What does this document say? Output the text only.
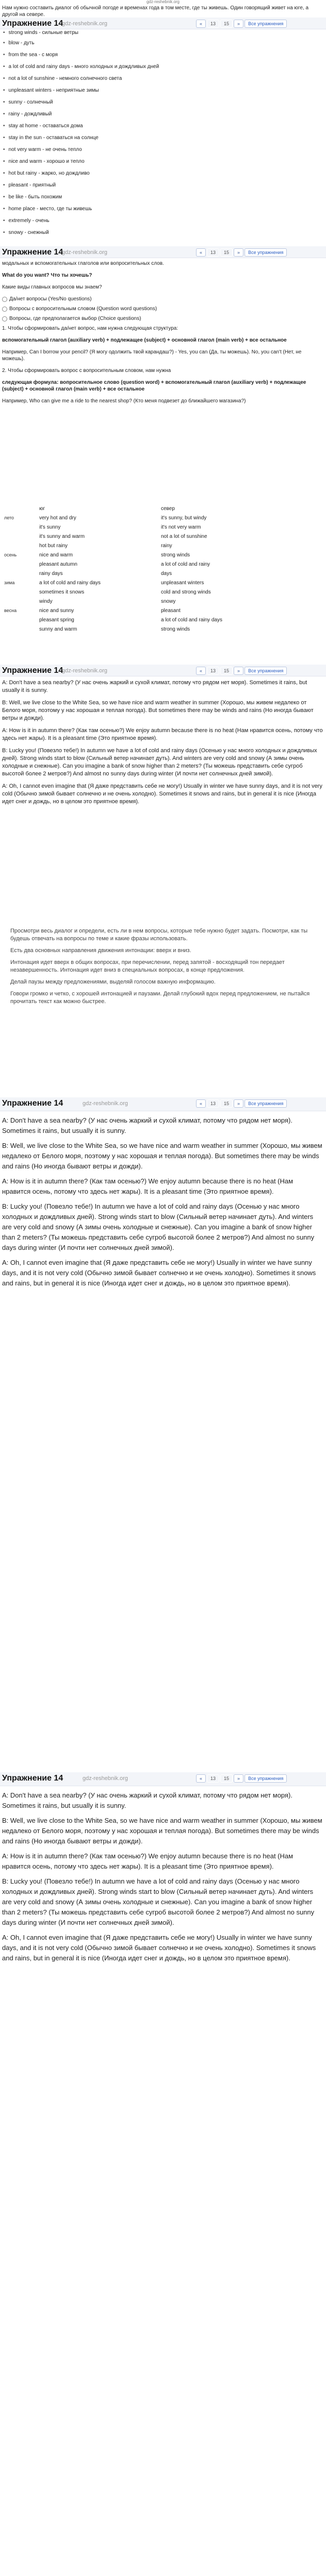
gdz-reshebnik.org
Нам нужно составить диалог об обычной погоде и временах года в том месте, где ты живешь. Один говорящий живет на юге, а другой на севере.
Упражнение 14
gdz-reshebnik.org	«	13	15	»	Все упражнения
• strong winds - сильные ветры
• blow - дуть
• from the sea - с моря
• a lot of cold and rainy days - много холодных и дождливых дней
• not a lot of sunshine - немного солнечного света
• unpleasant winters - неприятные зимы
• sunny - солнечный
• rainy - дождливый
• stay at home - оставаться дома
• stay in the sun - оставаться на солнце
• not very warm - не очень тепло
• nice and warm - хорошо и тепло
• hot but rainy - жарко, но дождливо
• pleasant - приятный
• be like - быть похожим
• home place - место, где ты живешь
• extremely - очень
• snowy - снежный
Упражнение 14
gdz-reshebnik.org	«	13	15	»	Все упражнения

модальных и вспомогательных глаголов или вопросительных слов.

What do you want? Что ты хочешь?

Какие виды главных вопросов мы знаем?

Да/нет вопросы (Yes/No questions)
Вопросы с вопросительным словом (Question word questions)
Вопросы, где предполагается выбор (Choice questions)

1. Чтобы сформировать да/нет вопрос, нам нужна следующая структура:

вспомогательный глагол (auxiliary verb) + подлежащее (subject) + основной глагол (main verb) + все остальное

Например, Can I borrow your pencil? (Я могу одолжить твой карандаш?) - Yes, you can (Да, ты можешь). No, you can't (Нет, не можешь).

2. Чтобы сформировать вопрос с вопросительным словом, нам нужна

следующая формула: вопросительное слово (question word) + вспомогательный глагол (auxiliary verb) + подлежащее (subject) + основной глагол (main verb) + все остальное

Например, Who can give me a ride to the nearest shop? (Кто меня подвезет до ближайшего магазина?)

	юг	север
лето	very hot and dry	it's sunny, but windy
	it's sunny	it's not very warm
	it's sunny and warm	not a lot of sunshine
	hot but rainy	rainy
осень	nice and warm	strong winds
	pleasant autumn	a lot of cold and rainy
	rainy days	days
зима	a lot of cold and rainy days	unpleasant winters
	sometimes it snows	cold and strong winds
	windy	snowy
весна	nice and sunny	pleasant
	pleasant spring	a lot of cold and rainy days
	sunny and warm	strong winds
Упражнение 14
gdz-reshebnik.org	«	13	15	»	Все упражнения

A: Don't have a sea nearby? (У нас очень жаркий и сухой климат, потому что рядом нет моря). Sometimes it rains, but usually it is sunny.

B: Well, we live close to the White Sea, so we have nice and warm weather in summer (Хорошо, мы живем недалеко от Белого моря, поэтому у нас хорошая и теплая погода). But sometimes there may be winds and rains (Но иногда бывают ветры и дожди).

A: How is it in autumn there? (Как там осенью?) We enjoy autumn because there is no heat (Нам нравится осень, потому что здесь нет жары). It is a pleasant time (Это приятное время).

B: Lucky you! (Повезло тебе!) In autumn we have a lot of cold and rainy days (Осенью у нас много холодных и дождливых дней). Strong winds start to blow (Сильный ветер начинает дуть). And winters are very cold and snowy (А зимы очень холодные и снежные). Can you imagine a bank of snow higher than 2 meters? (Ты можешь представить себе сугроб высотой более 2 метров?) And almost no sunny days during winter (И почти нет солнечных дней зимой).

A: Oh, I cannot even imagine that (Я даже представить себе не могу!) Usually in winter we have sunny days, and it is not very cold (Обычно зимой бывает солнечно и не очень холодно). Sometimes it snows and rains, but in general it is nice (Иногда идет снег и дождь, но в целом это приятное время).

Просмотри весь диалог и определи, есть ли в нем вопросы, которые тебе нужно будет задать. Посмотри, как ты будешь отвечать на вопросы по теме и какие фразы использовать.

Есть два основных направления движения интонации: вверх и вниз.

Интонация идет вверх в общих вопросах, при перечислении, перед запятой - восходящий тон передает незавершенность. Интонация идет вниз в специальных вопросах, в конце предложения.

Делай паузы между предложениями, выделяй голосом важную информацию.

Говори громко и четко, с хорошей интонацией и паузами. Делай глубокий вдох перед предложением, не пытайся прочитать текст как можно быстрее.

Упражнение 14	gdz-reshebnik.org	«	13	15	»	Все упражнения

A: Don't have a sea nearby? (У нас очень жаркий и сухой климат, потому что рядом нет моря). Sometimes it rains, but usually it is sunny.

B: Well, we live close to the White Sea, so we have nice and warm weather in summer (Хорошо, мы живем недалеко от Белого моря, поэтому у нас хорошая и теплая погода). But sometimes there may be winds and rains (Но иногда бывают ветры и дожди).

A: How is it in autumn there? (Как там осенью?) We enjoy autumn because there is no heat (Нам нравится осень, потому что здесь нет жары). It is a pleasant time (Это приятное время).

B: Lucky you! (Повезло тебе!) In autumn we have a lot of cold and rainy days (Осенью у нас много холодных и дождливых дней). Strong winds start to blow (Сильный ветер начинает дуть). And winters are very cold and snowy (А зимы очень холодные и снежные). Can you imagine a bank of snow higher than 2 meters? (Ты можешь представить себе сугроб высотой более 2 метров?) And almost no sunny days during winter (И почти нет солнечных дней зимой).

A: Oh, I cannot even imagine that (Я даже представить себе не могу!) Usually in winter we have sunny days, and it is not very cold (Обычно зимой бывает солнечно и не очень холодно). Sometimes it snows and rains, but in general it is nice (Иногда идет снег и дождь, но в целом это приятное время).

Упражнение 14	gdz-reshebnik.org	«	13	15	»	Все упражнения

A: Don't have a sea nearby? (У нас очень жаркий и сухой климат, потому что рядом нет моря). Sometimes it rains, but usually it is sunny.

B: Well, we live close to the White Sea, so we have nice and warm weather in summer (Хорошо, мы живем недалеко от Белого моря, поэтому у нас хорошая и теплая погода). But sometimes there may be winds and rains (Но иногда бывают ветры и дожди).

A: How is it in autumn there? (Как там осенью?) We enjoy autumn because there is no heat (Нам нравится осень, потому что здесь нет жары). It is a pleasant time (Это приятное время).

B: Lucky you! (Повезло тебе!) In autumn we have a lot of cold and rainy days (Осенью у нас много холодных и дождливых дней). Strong winds start to blow (Сильный ветер начинает дуть). And winters are very cold and snowy (А зимы очень холодные и снежные). Can you imagine a bank of snow higher than 2 meters? (Ты можешь представить себе сугроб высотой более 2 метров?) And almost no sunny days during winter (И почти нет солнечных дней зимой).

A: Oh, I cannot even imagine that (Я даже представить себе не могу!) Usually in winter we have sunny days, and it is not very cold (Обычно зимой бывает солнечно и не очень холодно). Sometimes it snows and rains, but in general it is nice (Иногда идет снег и дождь, но в целом это приятное время).
